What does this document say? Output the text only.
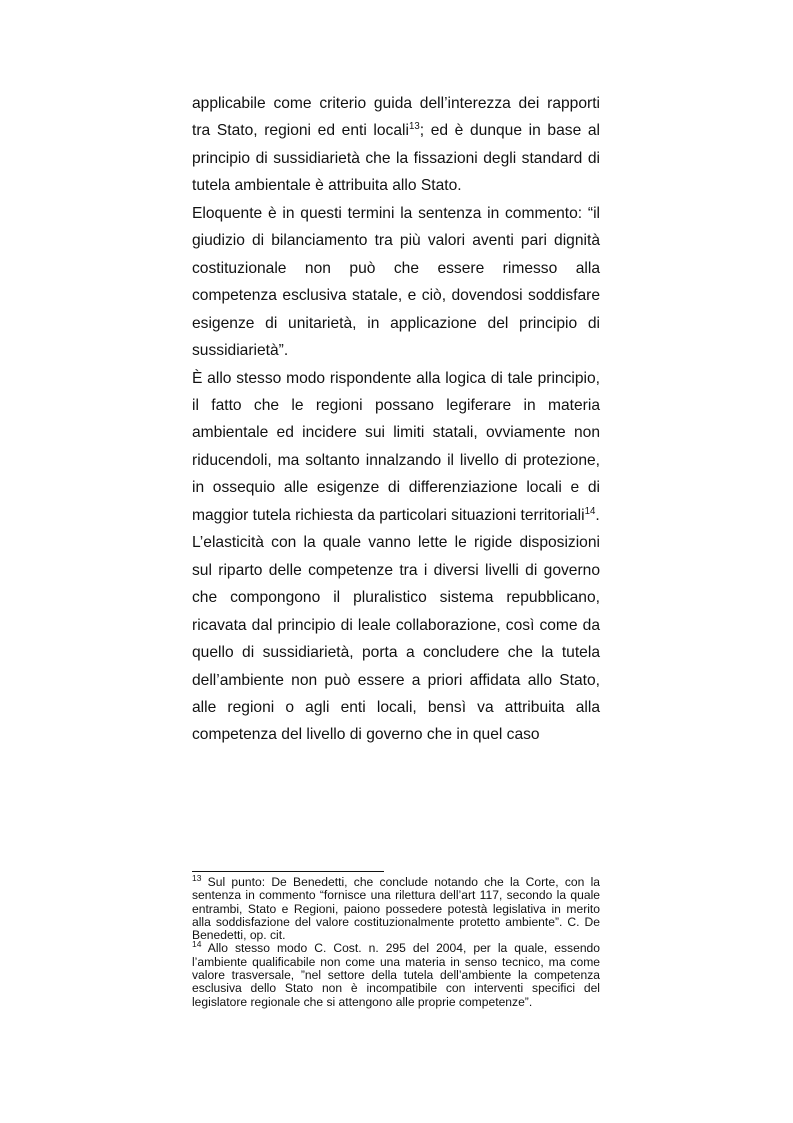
applicabile come criterio guida dell’interezza dei rapporti tra Stato, regioni ed enti locali$^{13}$; ed è dunque in base al principio di sussidiarietà che la fissazioni degli standard di tutela ambientale è attribuita allo Stato.

Eloquente è in questi termini la sentenza in commento: “il giudizio di bilanciamento tra più valori aventi pari dignità costituzionale non può che essere rimesso alla competenza esclusiva statale, e ciò, dovendosi soddisfare esigenze di unitarietà, in applicazione del principio di sussidiarietà”.

È allo stesso modo rispondente alla logica di tale principio, il fatto che le regioni possano legiferare in materia ambientale ed incidere sui limiti statali, ovviamente non riducendoli, ma soltanto innalzando il livello di protezione, in ossequio alle esigenze di differenziazione locali e di maggior tutela richiesta da particolari situazioni territoriali$^{14}$.

L’elasticità con la quale vanno lette le rigide disposizioni sul riparto delle competenze tra i diversi livelli di governo che compongono il pluralistico sistema repubblicano, ricavata dal principio di leale collaborazione, così come da quello di sussidiarietà, porta a concludere che la tutela dell’ambiente non può essere a priori affidata allo Stato, alle regioni o agli enti locali, bensì va attribuita alla competenza del livello di governo che in quel caso

$^{13}$ Sul punto: De Benedetti, che conclude notando che la Corte, con la sentenza in commento “fornisce una rilettura dell’art 117, secondo la quale entrambi, Stato e Regioni, paiono possedere potestà legislativa in merito alla soddisfazione del valore costituzionalmente protetto ambiente”. C. De Benedetti, op. cit.

$^{14}$ Allo stesso modo C. Cost. n. 295 del 2004, per la quale, essendo l’ambiente qualificabile non come una materia in senso tecnico, ma come valore trasversale, ”nel settore della tutela dell’ambiente la competenza esclusiva dello Stato non è incompatibile con interventi specifici del legislatore regionale che si attengono alle proprie competenze”.
